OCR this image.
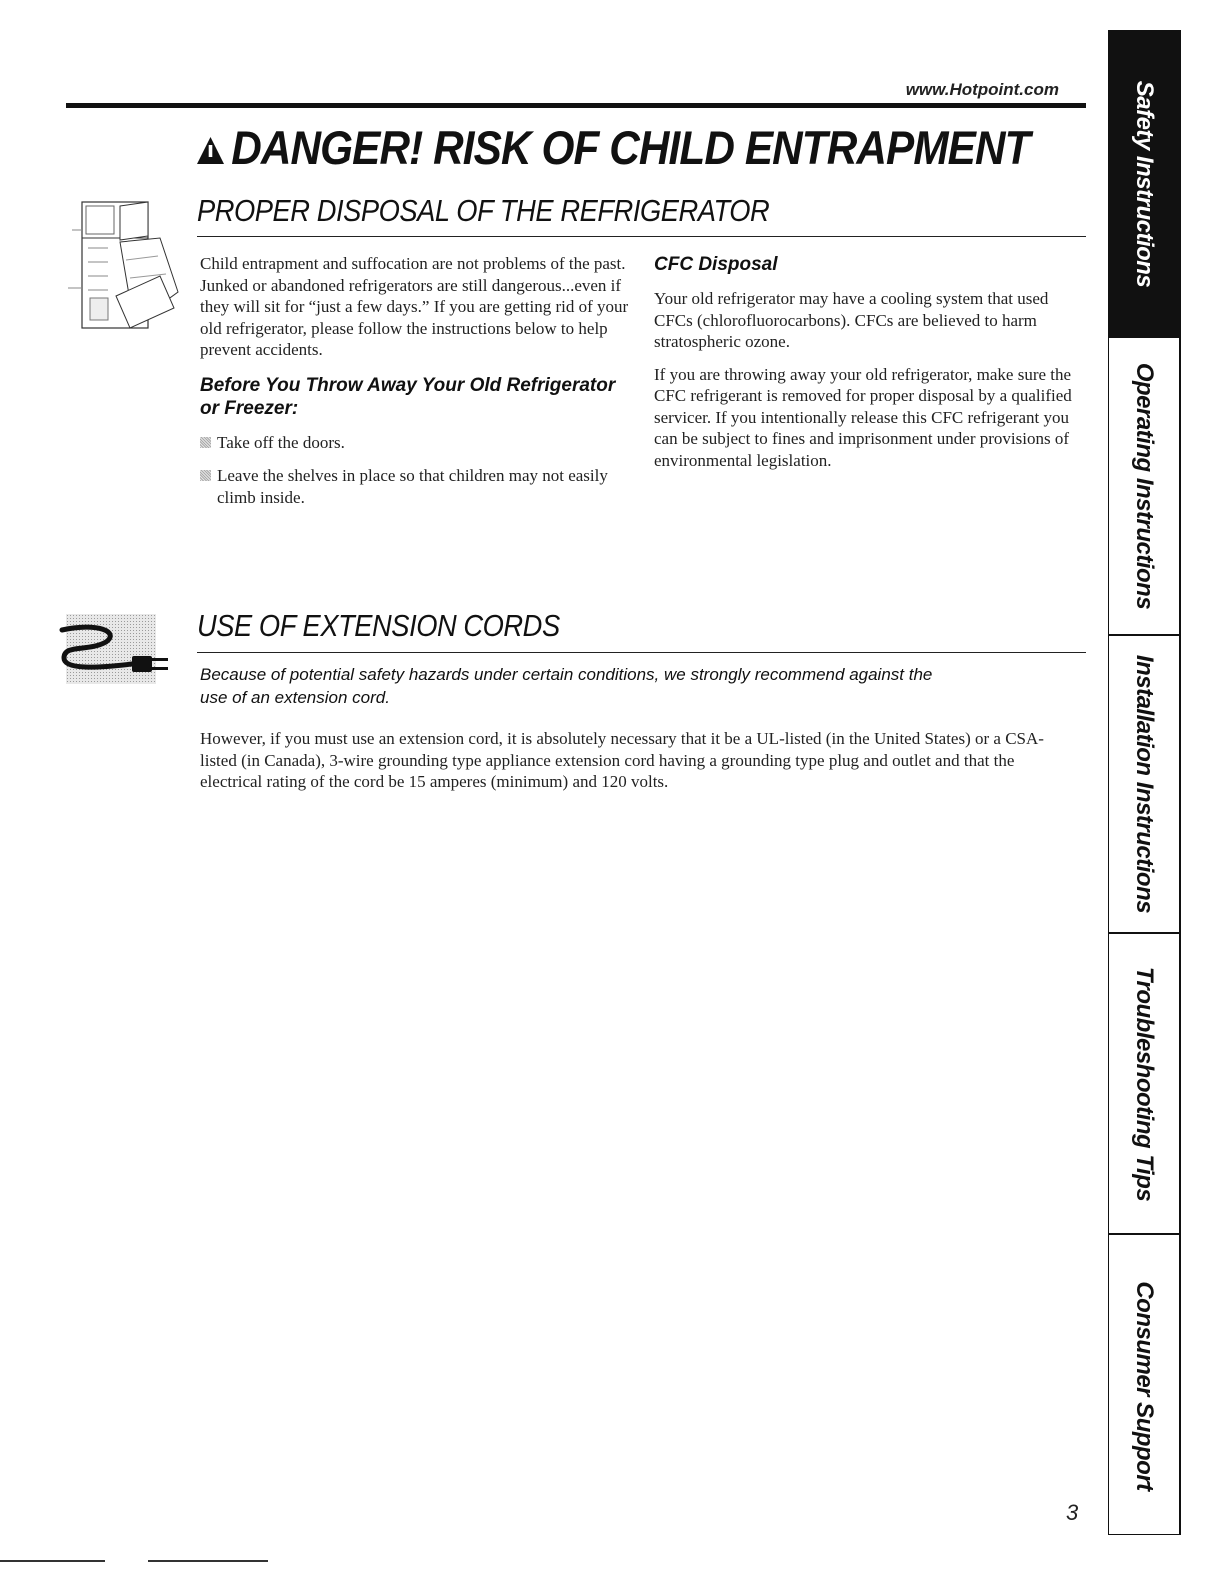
www.Hotpoint.com
DANGER! RISK OF CHILD ENTRAPMENT
PROPER DISPOSAL OF THE REFRIGERATOR
Child entrapment and suffocation are not problems of the past. Junked or abandoned refrigerators are still dangerous...even if they will sit for “just a few days.” If you are getting rid of your old refrigerator, please follow the instructions below to help prevent accidents.
Before You Throw Away Your Old Refrigerator or Freezer:
Take off the doors.
Leave the shelves in place so that children may not easily climb inside.
CFC Disposal
Your old refrigerator may have a cooling system that used CFCs (chlorofluorocarbons). CFCs are believed to harm stratospheric ozone.
If you are throwing away your old refrigerator, make sure the CFC refrigerant is removed for proper disposal by a qualified servicer. If you intentionally release this CFC refrigerant you can be subject to fines and imprisonment under provisions of environmental legislation.
USE OF EXTENSION CORDS
Because of potential safety hazards under certain conditions, we strongly recommend against the use of an extension cord.
However, if you must use an extension cord, it is absolutely necessary that it be a UL-listed (in the United States) or a CSA-listed (in Canada), 3-wire grounding type appliance extension cord having a grounding type plug and outlet and that the electrical rating of the cord be 15 amperes (minimum) and 120 volts.
3
Safety Instructions
Operating Instructions
Installation Instructions
Troubleshooting Tips
Consumer Support
